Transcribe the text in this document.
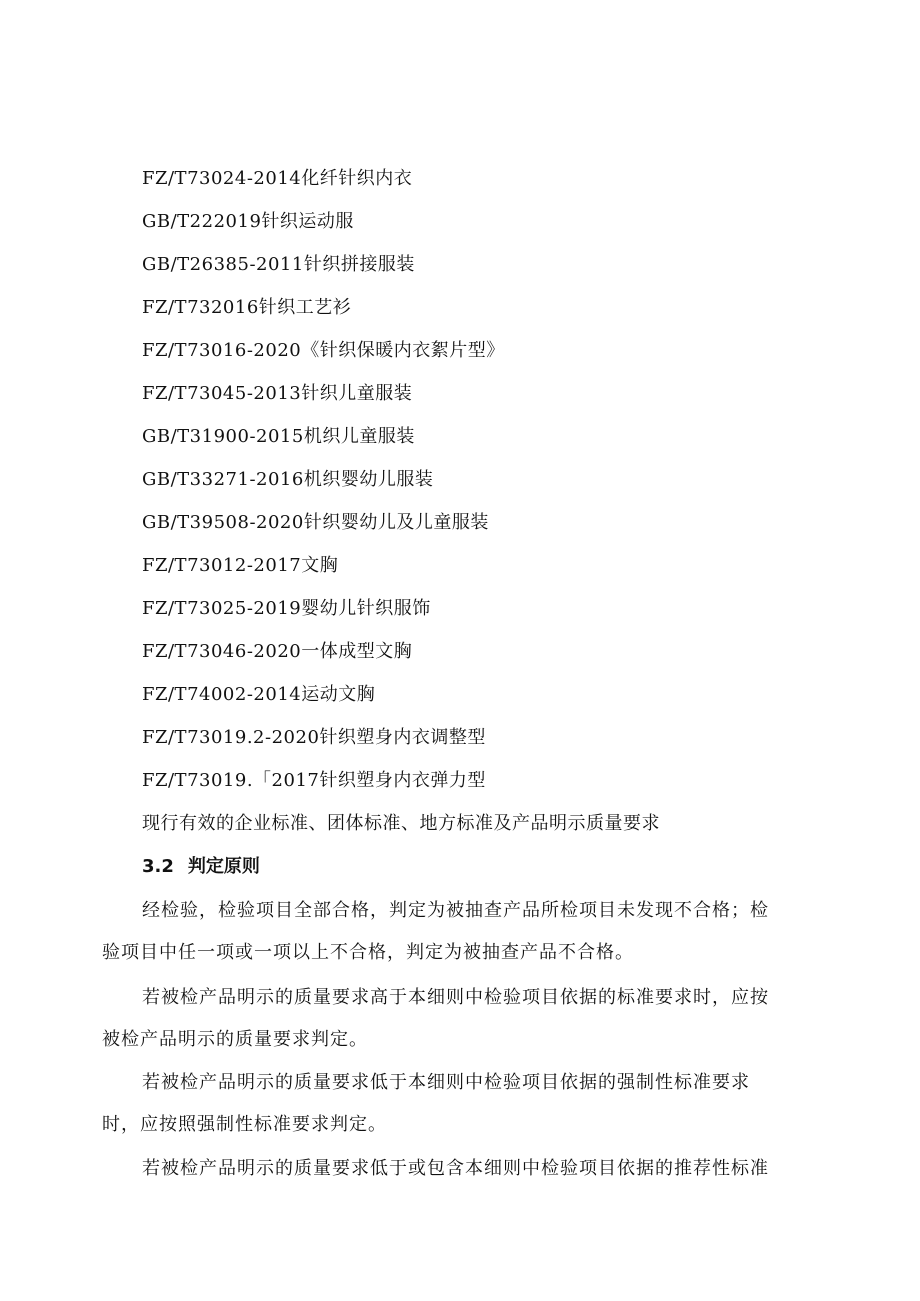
FZ/T73024-2014化纤针织内衣
GB/T222019针织运动服
GB/T26385-2011针织拼接服装
FZ/T732016针织工艺衫
FZ/T73016-2020《针织保暖内衣絮片型》
FZ/T73045-2013针织儿童服装
GB/T31900-2015机织儿童服装
GB/T33271-2016机织婴幼儿服装
GB/T39508-2020针织婴幼儿及儿童服装
FZ/T73012-2017文胸
FZ/T73025-2019婴幼儿针织服饰
FZ/T73046-2020一体成型文胸
FZ/T74002-2014运动文胸
FZ/T73019.2-2020针织塑身内衣调整型
FZ/T73019.「2017针织塑身内衣弹力型
现行有效的企业标准、团体标准、地方标准及产品明示质量要求
3.2 判定原则
经检验，检验项目全部合格，判定为被抽查产品所检项目未发现不合格；检
验项目中任一项或一项以上不合格，判定为被抽查产品不合格。
若被检产品明示的质量要求高于本细则中检验项目依据的标准要求时，应按
被检产品明示的质量要求判定。
若被检产品明示的质量要求低于本细则中检验项目依据的强制性标准要求
时，应按照强制性标准要求判定。
若被检产品明示的质量要求低于或包含本细则中检验项目依据的推荐性标准
